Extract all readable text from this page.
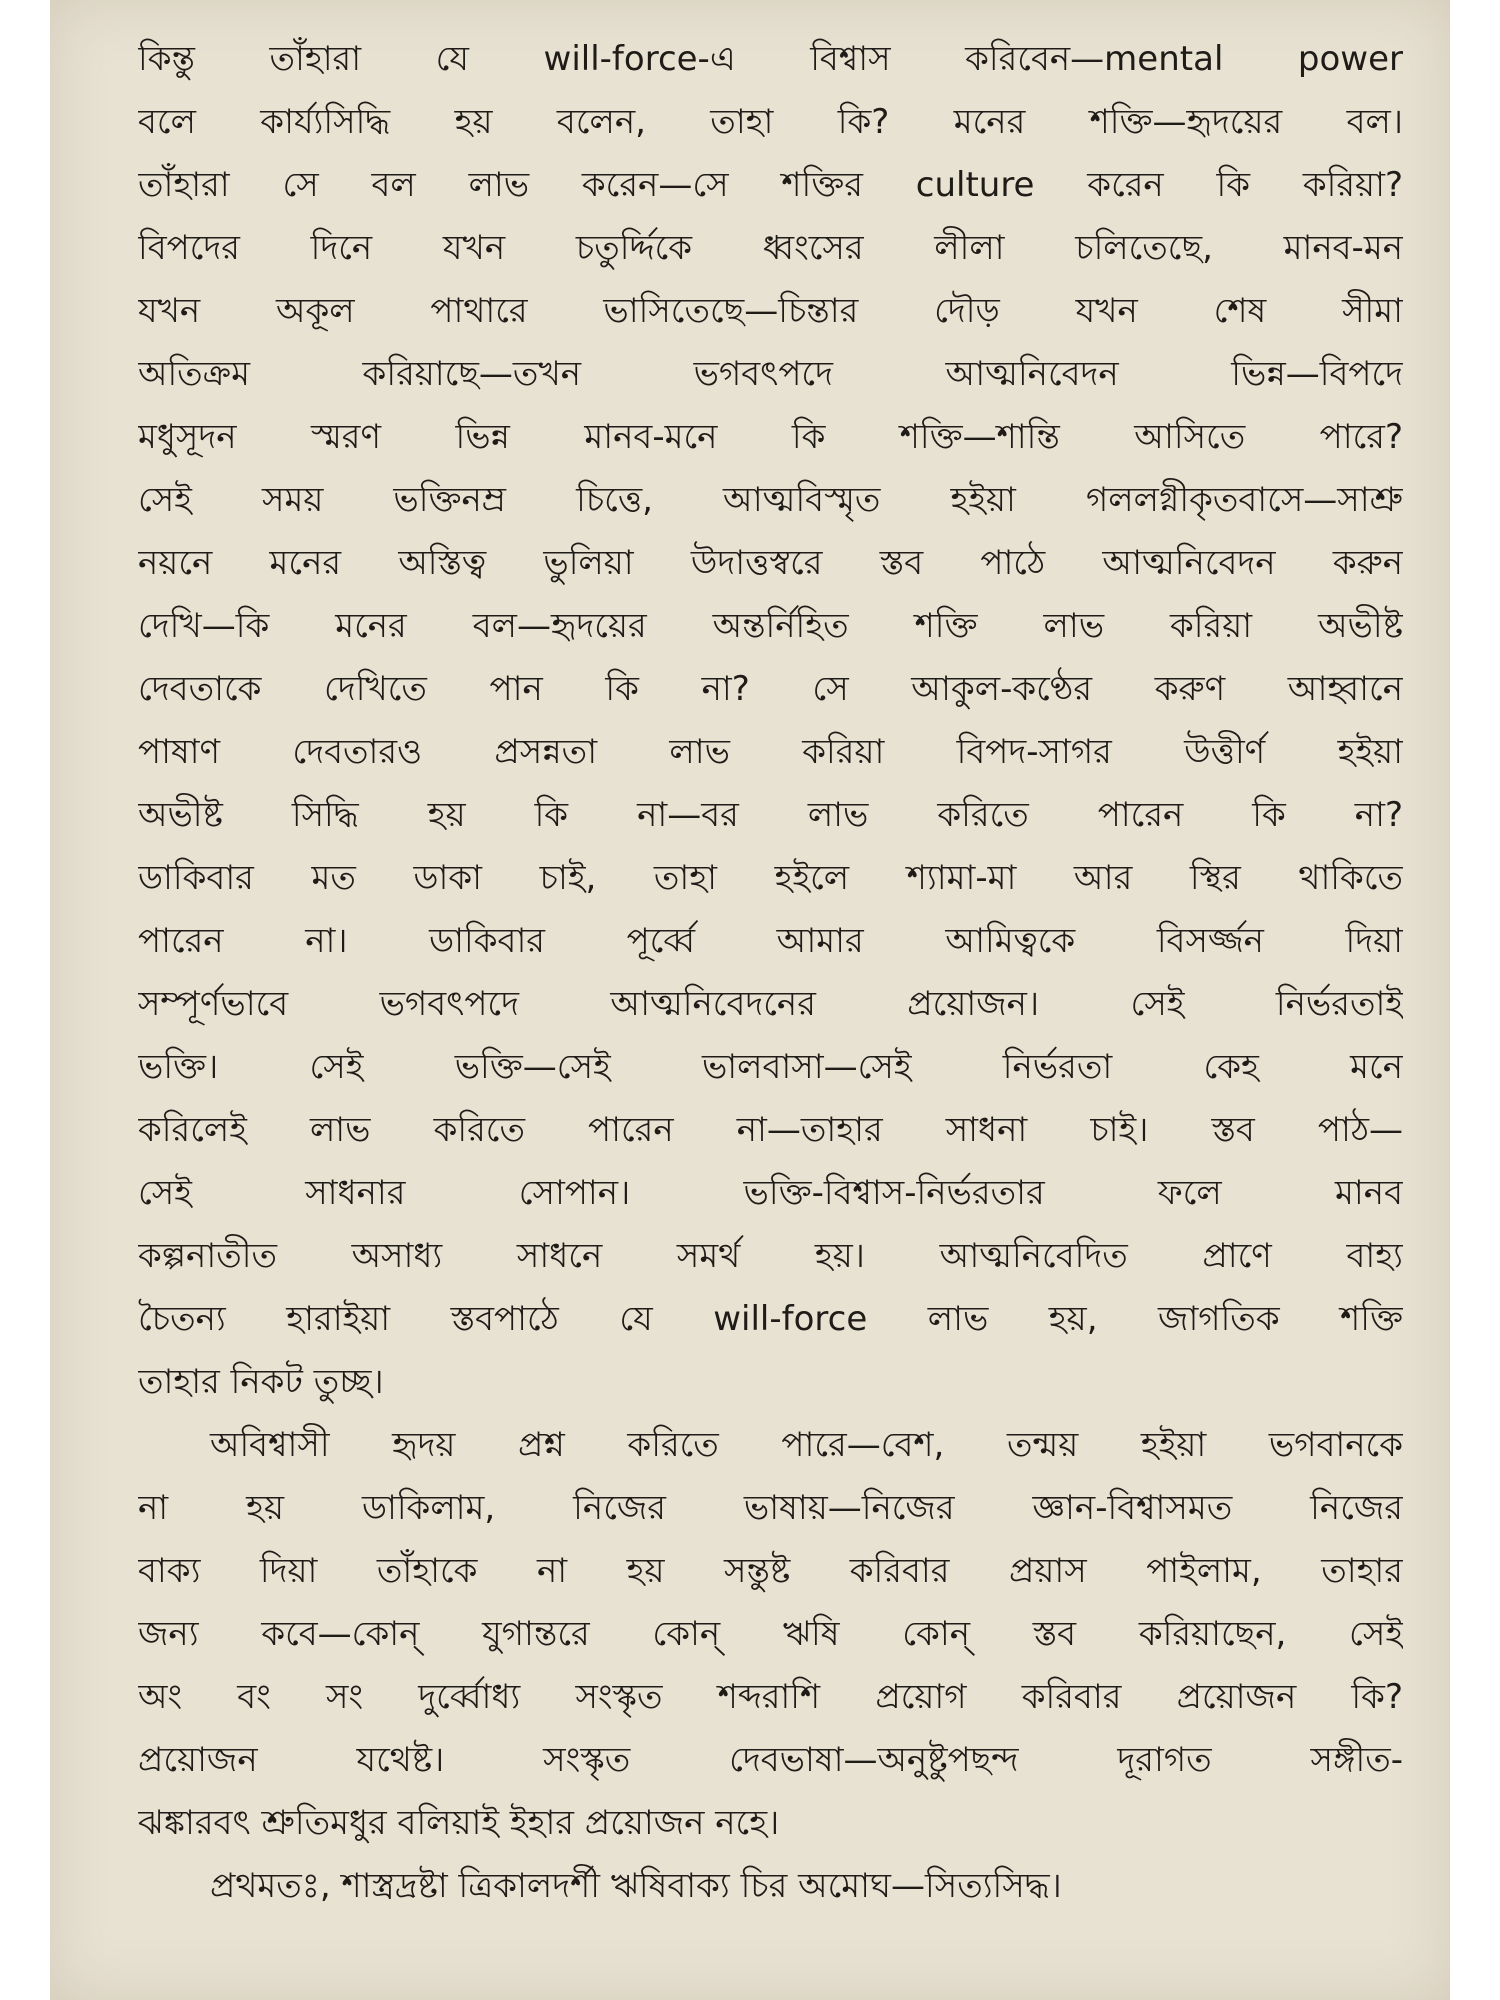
কিন্তু তাঁহারা যে will-force-এ বিশ্বাস করিবেন—mental power
বলে কার্য্যসিদ্ধি হয় বলেন, তাহা কি? মনের শক্তি—হৃদয়ের বল।
তাঁহারা সে বল লাভ করেন—সে শক্তির culture করেন কি করিয়া?
বিপদের দিনে যখন চতুর্দ্দিকে ধ্বংসের লীলা চলিতেছে, মানব-মন
যখন অকূল পাথারে ভাসিতেছে—চিন্তার দৌড় যখন শেষ সীমা
অতিক্রম করিয়াছে—তখন ভগবৎপদে আত্মনিবেদন ভিন্ন—বিপদে
মধুসূদন স্মরণ ভিন্ন মানব-মনে কি শক্তি—শান্তি আসিতে পারে?
সেই সময় ভক্তিনম্র চিত্তে, আত্মবিস্মৃত হইয়া গললগ্নীকৃতবাসে—সাশ্রু
নয়নে মনের অস্তিত্ব ভুলিয়া উদাত্তস্বরে স্তব পাঠে আত্মনিবেদন করুন
দেখি—কি মনের বল—হৃদয়ের অন্তর্নিহিত শক্তি লাভ করিয়া অভীষ্ট
দেবতাকে দেখিতে পান কি না? সে আকুল-কণ্ঠের করুণ আহ্বানে
পাষাণ দেবতারও প্রসন্নতা লাভ করিয়া বিপদ-সাগর উত্তীর্ণ হইয়া
অভীষ্ট সিদ্ধি হয় কি না—বর লাভ করিতে পারেন কি না?
ডাকিবার মত ডাকা চাই, তাহা হইলে শ্যামা-মা আর স্থির থাকিতে
পারেন না। ডাকিবার পূর্ব্বে আমার আমিত্বকে বিসর্জ্জন দিয়া
সম্পূর্ণভাবে ভগবৎপদে আত্মনিবেদনের প্রয়োজন। সেই নির্ভরতাই
ভক্তি। সেই ভক্তি—সেই ভালবাসা—সেই নির্ভরতা কেহ মনে
করিলেই লাভ করিতে পারেন না—তাহার সাধনা চাই। স্তব পাঠ—
সেই সাধনার সোপান। ভক্তি-বিশ্বাস-নির্ভরতার ফলে মানব
কল্পনাতীত অসাধ্য সাধনে সমর্থ হয়। আত্মনিবেদিত প্রাণে বাহ্য
চৈতন্য হারাইয়া স্তবপাঠে যে will-force লাভ হয়, জাগতিক শক্তি
তাহার নিকট তুচ্ছ।
অবিশ্বাসী হৃদয় প্রশ্ন করিতে পারে—বেশ, তন্ময় হইয়া ভগবানকে
না হয় ডাকিলাম, নিজের ভাষায়—নিজের জ্ঞান-বিশ্বাসমত নিজের
বাক্য দিয়া তাঁহাকে না হয় সন্তুষ্ট করিবার প্রয়াস পাইলাম, তাহার
জন্য কবে—কোন্ যুগান্তরে কোন্ ঋষি কোন্ স্তব করিয়াছেন, সেই
অং বং সং দুর্ব্বোধ্য সংস্কৃত শব্দরাশি প্রয়োগ করিবার প্রয়োজন কি?
প্রয়োজন যথেষ্ট। সংস্কৃত দেবভাষা—অনুষ্টুপছন্দ দূরাগত সঙ্গীত-
ঝঙ্কারবৎ শ্রুতিমধুর বলিয়াই ইহার প্রয়োজন নহে।
প্রথমতঃ, শাস্ত্রদ্রষ্টা ত্রিকালদর্শী ঋষিবাক্য চির অমোঘ—সিত্যসিদ্ধ।
